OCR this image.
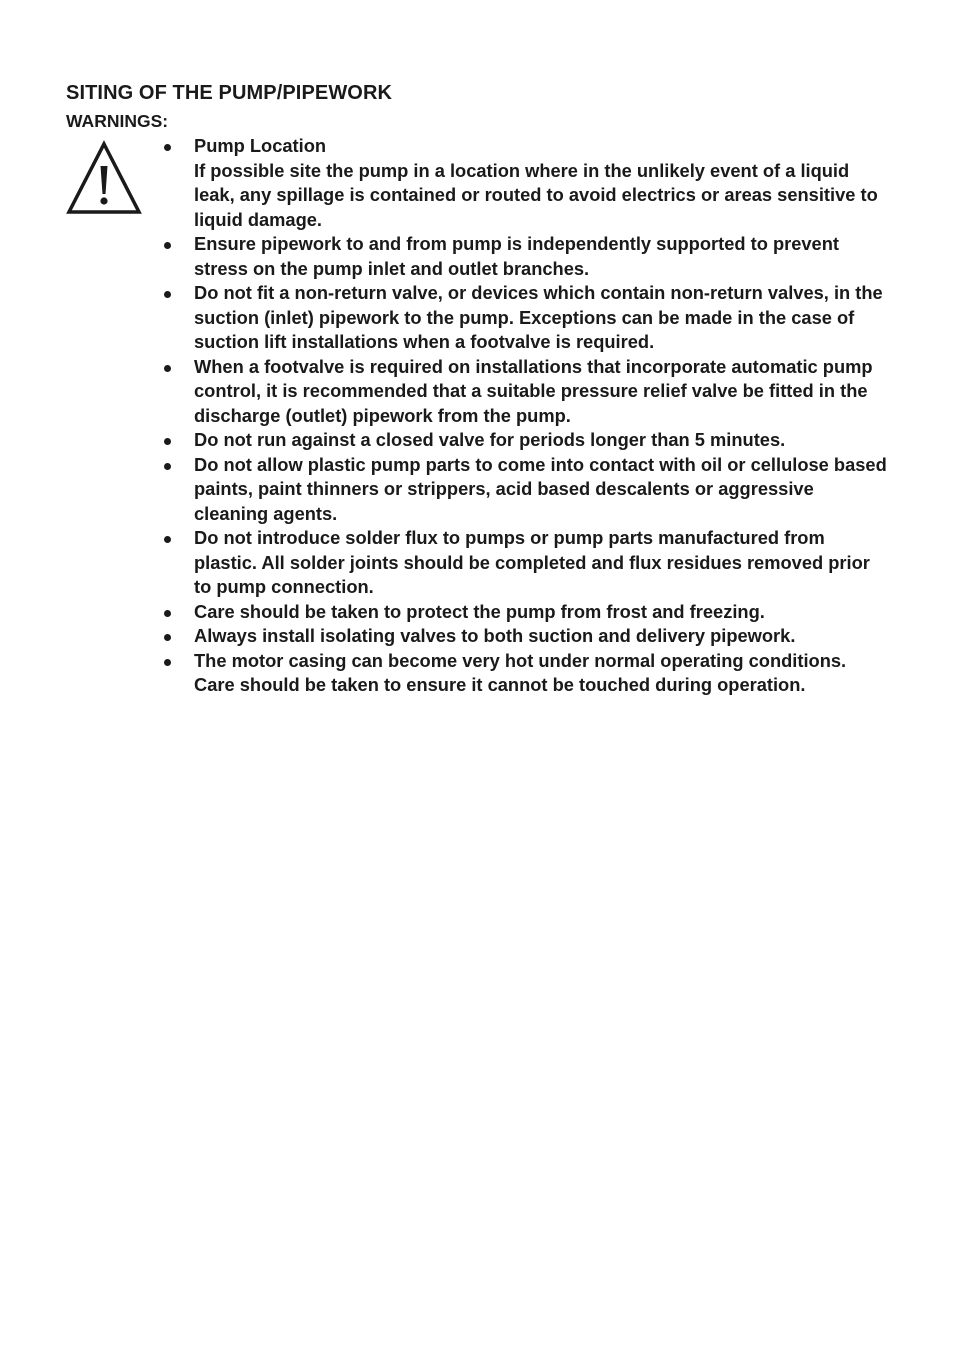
SITING OF THE PUMP/PIPEWORK
WARNINGS:
Pump Location
If possible site the pump in a location where in the unlikely event of a liquid leak, any spillage is contained or routed to avoid electrics or areas sensitive to liquid damage.
Ensure pipework to and from pump is independently supported to prevent stress on the pump inlet and outlet branches.
Do not fit a non-return valve, or devices which contain non-return valves, in the suction (inlet) pipework to the pump. Exceptions can be made in the case of suction lift installations when a footvalve is required.
When a footvalve is required on installations that incorporate automatic pump control, it is recommended that a suitable pressure relief valve be fitted in the discharge (outlet) pipework from the pump.
Do not run against a closed valve for periods longer than 5 minutes.
Do not allow plastic pump parts to come into contact with oil or cellulose based paints, paint thinners or strippers, acid based descalents or aggressive cleaning agents.
Do not introduce solder flux to pumps or pump parts manufactured from plastic. All solder joints should be completed and flux residues removed prior to pump connection.
Care should be taken to protect the pump from frost and freezing.
Always install isolating valves to both suction and delivery pipework.
The motor casing can become very hot under normal operating conditions. Care should be taken to ensure it cannot be touched during operation.
